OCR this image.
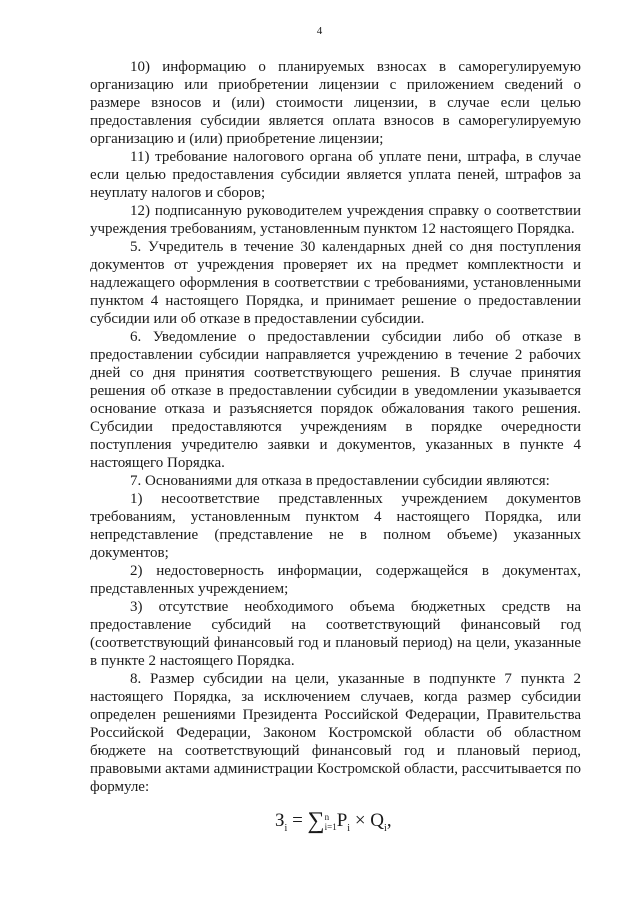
4

10) информацию о планируемых взносах в саморегулируемую организацию или приобретении лицензии с приложением сведений о размере взносов и (или) стоимости лицензии, в случае если целью предоставления субсидии является оплата взносов в саморегулируемую организацию и (или) приобретение лицензии;

11) требование налогового органа об уплате пени, штрафа, в случае если целью предоставления субсидии является уплата пеней, штрафов за неуплату налогов и сборов;

12) подписанную руководителем учреждения справку о соответствии учреждения требованиям, установленным пунктом 12 настоящего Порядка.

5. Учредитель в течение 30 календарных дней со дня поступления документов от учреждения проверяет их на предмет комплектности и надлежащего оформления в соответствии с требованиями, установленными пунктом 4 настоящего Порядка, и принимает решение о предоставлении субсидии или об отказе в предоставлении субсидии.

6. Уведомление о предоставлении субсидии либо об отказе в предоставлении субсидии направляется учреждению в течение 2 рабочих дней со дня принятия соответствующего решения. В случае принятия решения об отказе в предоставлении субсидии в уведомлении указывается основание отказа и разъясняется порядок обжалования такого решения. Субсидии предоставляются учреждениям в порядке очередности поступления учредителю заявки и документов, указанных в пункте 4 настоящего Порядка.

7. Основаниями для отказа в предоставлении субсидии являются:

1) несоответствие представленных учреждением документов требованиям, установленным пунктом 4 настоящего Порядка, или непредставление (представление не в полном объеме) указанных документов;

2) недостоверность информации, содержащейся в документах, представленных учреждением;

3) отсутствие необходимого объема бюджетных средств на предоставление субсидий на соответствующий финансовый год (соответствующий финансовый год и плановый период) на цели, указанные в пункте 2 настоящего Порядка.

8. Размер субсидии на цели, указанные в подпункте 7 пункта 2 настоящего Порядка, за исключением случаев, когда размер субсидии определен решениями Президента Российской Федерации, Правительства Российской Федерации, Законом Костромской области об областном бюджете на соответствующий финансовый год и плановый период, правовыми актами администрации Костромской области, рассчитывается по формуле:

$З_i = \sum n$
$i=1P_i \times Q_i$,
